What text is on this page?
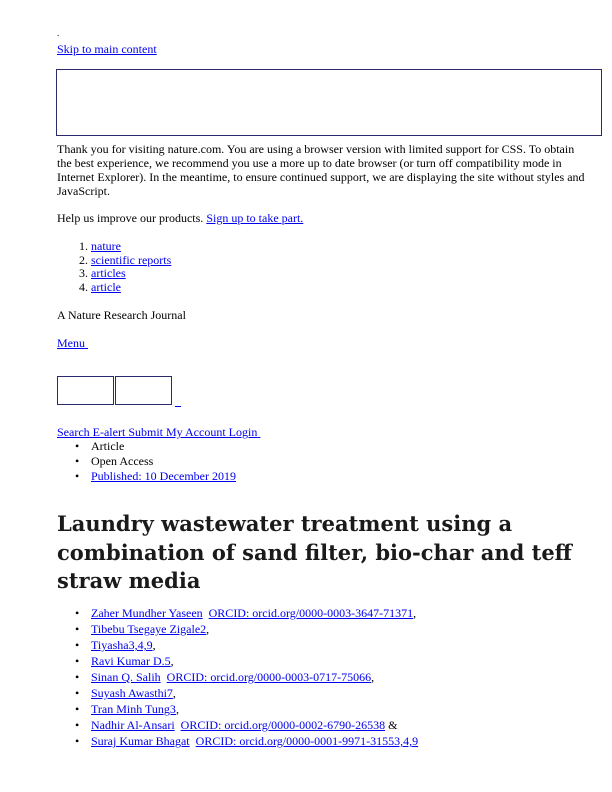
.
Skip to main content
Thank you for visiting nature.com. You are using a browser version with limited support for CSS. To obtain the best experience, we recommend you use a more up to date browser (or turn off compatibility mode in Internet Explorer). In the meantime, to ensure continued support, we are displaying the site without styles and JavaScript.
Help us improve our products. Sign up to take part.
1. nature
2. scientific reports
3. articles
4. article
A Nature Research Journal
Menu
_
Search E-alert Submit My Account Login
• Article
• Open Access
• Published: 10 December 2019
Laundry wastewater treatment using a combination of sand filter, bio-char and teff straw media
• Zaher Mundher Yaseen ORCID: orcid.org/0000-0003-3647-71371,
• Tibebu Tsegaye Zigale2,
• Tiyasha3,4,9,
• Ravi Kumar D.5,
• Sinan Q. Salih ORCID: orcid.org/0000-0003-0717-75066,
• Suyash Awasthi7,
• Tran Minh Tung3,
• Nadhir Al-Ansari ORCID: orcid.org/0000-0002-6790-26538 &
• Suraj Kumar Bhagat ORCID: orcid.org/0000-0001-9971-31553,4,9
